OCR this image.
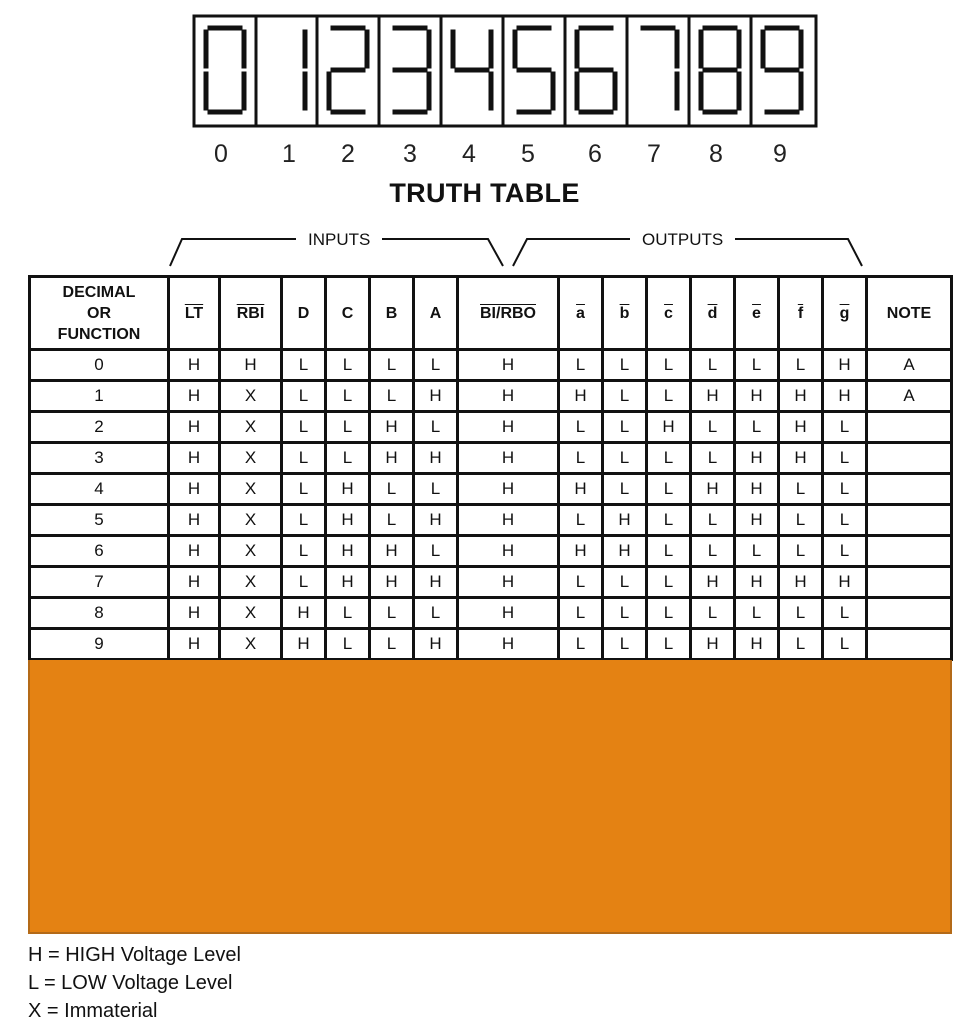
0	1	2	3	4	5	6	7	8	9
TRUTH TABLE
INPUTS	OUTPUTS
DECIMAL
OR
FUNCTION	$\overline{LT}$	$\overline{RBI}$	D	C	B	A	BI/RBO	$\overline{a}$	$\overline{b}$	$\overline{c}$	$\overline{d}$	$\overline{e}$	$\overline{f}$	$\overline{g}$	NOTE
0	H	H	L	L	L	L	H	L	L	L	L	L	L	H	A
1	H	X	L	L	L	H	H	H	L	L	H	H	H	H	A
2	H	X	L	L	H	L	H	L	L	H	L	L	H	L	
3	H	X	L	L	H	H	H	L	L	L	L	H	H	L	
4	H	X	L	H	L	L	H	H	L	L	H	H	L	L	
5	H	X	L	H	L	H	H	L	H	L	L	H	L	L	
6	H	X	L	H	H	L	H	H	H	L	L	L	L	L	
7	H	X	L	H	H	H	H	L	L	L	H	H	H	H	
8	H	X	H	L	L	L	H	L	L	L	L	L	L	L	
9	H	X	H	L	L	H	H	L	L	L	H	H	L	L	
H = HIGH Voltage Level
L = LOW Voltage Level
X = Immaterial
